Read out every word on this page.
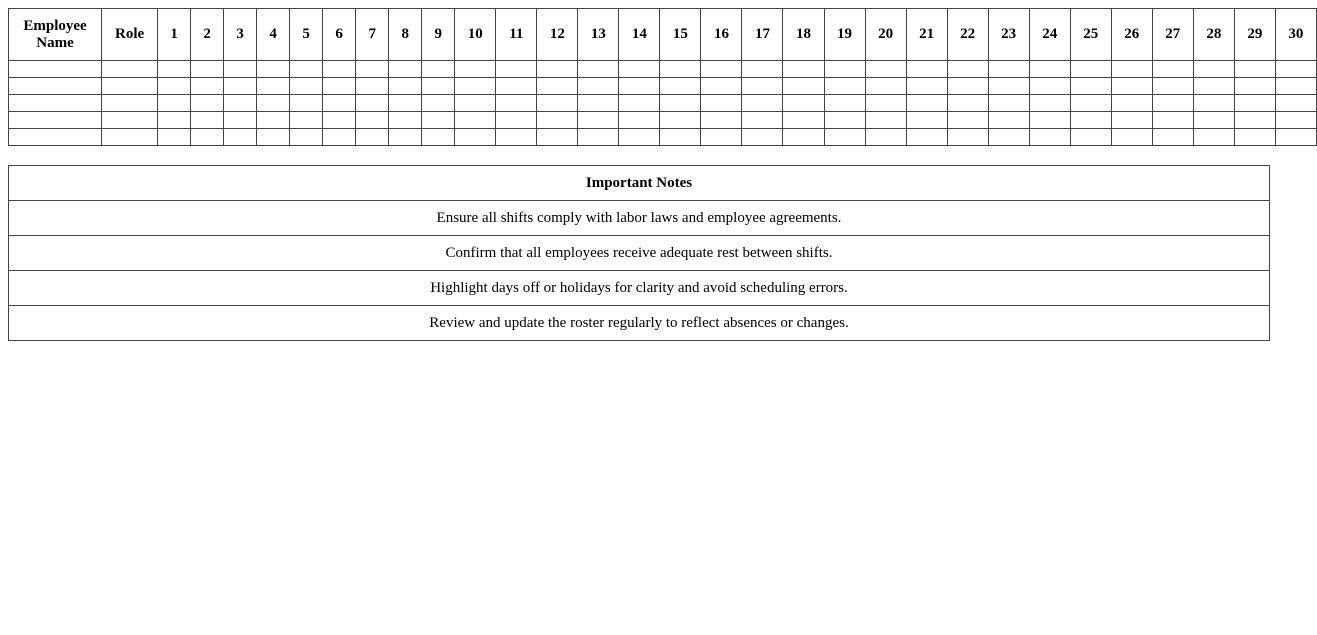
Employee Name	Role	1	2	3	4	5	6	7	8	9	10	11	12	13	14	15	16	17	18	19	20	21	22	23	24	25	26	27	28	29	30

Important Notes
Ensure all shifts comply with labor laws and employee agreements.
Confirm that all employees receive adequate rest between shifts.
Highlight days off or holidays for clarity and avoid scheduling errors.
Review and update the roster regularly to reflect absences or changes.
